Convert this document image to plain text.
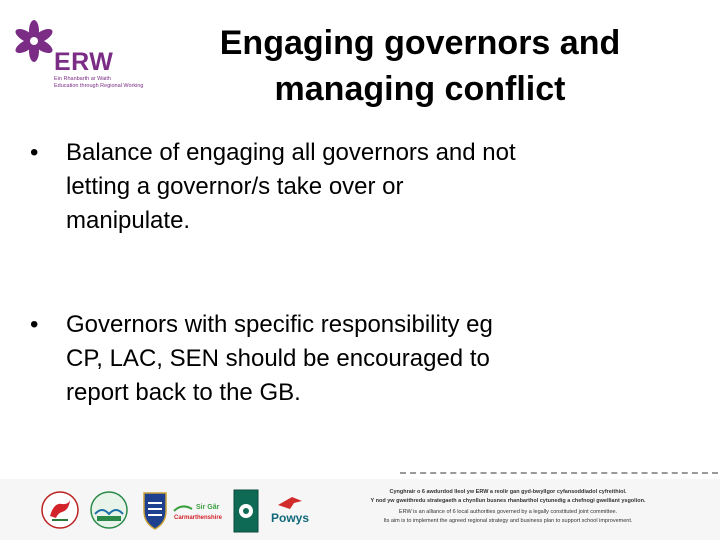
ERW
Ein Rhanbarth ar Waith
Education through Regional Working
Engaging governors and
managing conflict
• Balance of engaging all governors and not
letting a governor/s take over or
manipulate.
• Governors with specific responsibility eg
CP, LAC, SEN should be encouraged to
report back to the GB.
Sir Gâr
Carmarthenshire	Powys
Cynghrair o 6 awdurdod lleol yw ERW a reolir gan gyd-bwyllgor cyfansoddiadol cyfreithiol.
Y nod yw gweithredu strategaeth a chynllun busnes rhanbarthol cytunedig a chefnogi gwelliant ysgolion.
ERW is an alliance of 6 local authorities governed by a legally constituted joint committee.
Its aim is to implement the agreed regional strategy and business plan to support school improvement.
